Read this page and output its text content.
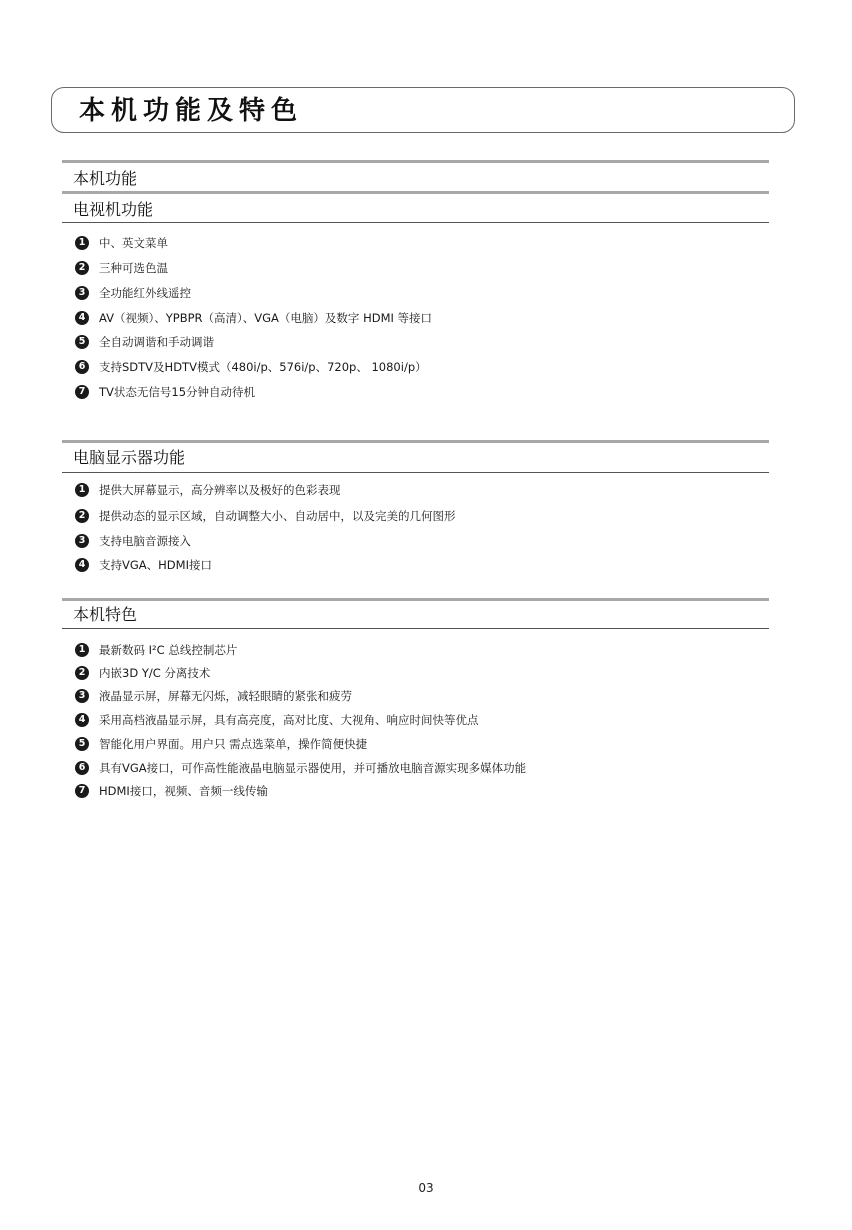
本机功能及特色
本机功能
电视机功能
1	中、英文菜单
2	三种可选色温
3	全功能红外线遥控
4	AV（视频）、YPBPR（高清）、VGA（电脑）及数字 HDMI 等接口
5	全自动调谐和手动调谐
6	支持SDTV及HDTV模式（480i/p、576i/p、720p、 1080i/p）
7	TV状态无信号15分钟自动待机
电脑显示器功能
1	提供大屏幕显示，高分辨率以及极好的色彩表现
2	提供动态的显示区域，自动调整大小、自动居中，以及完美的几何图形
3	支持电脑音源接入
4	支持VGA、HDMI接口
本机特色
1	最新数码 I²C 总线控制芯片
2	内嵌3D Y/C 分离技术
3	液晶显示屏，屏幕无闪烁，减轻眼睛的紧张和疲劳
4	采用高档液晶显示屏，具有高亮度，高对比度、大视角、响应时间快等优点
5	智能化用户界面。用户只 需点选菜单，操作简便快捷
6	具有VGA接口，可作高性能液晶电脑显示器使用，并可播放电脑音源实现多媒体功能
7	HDMI接口，视频、音频一线传输
03
